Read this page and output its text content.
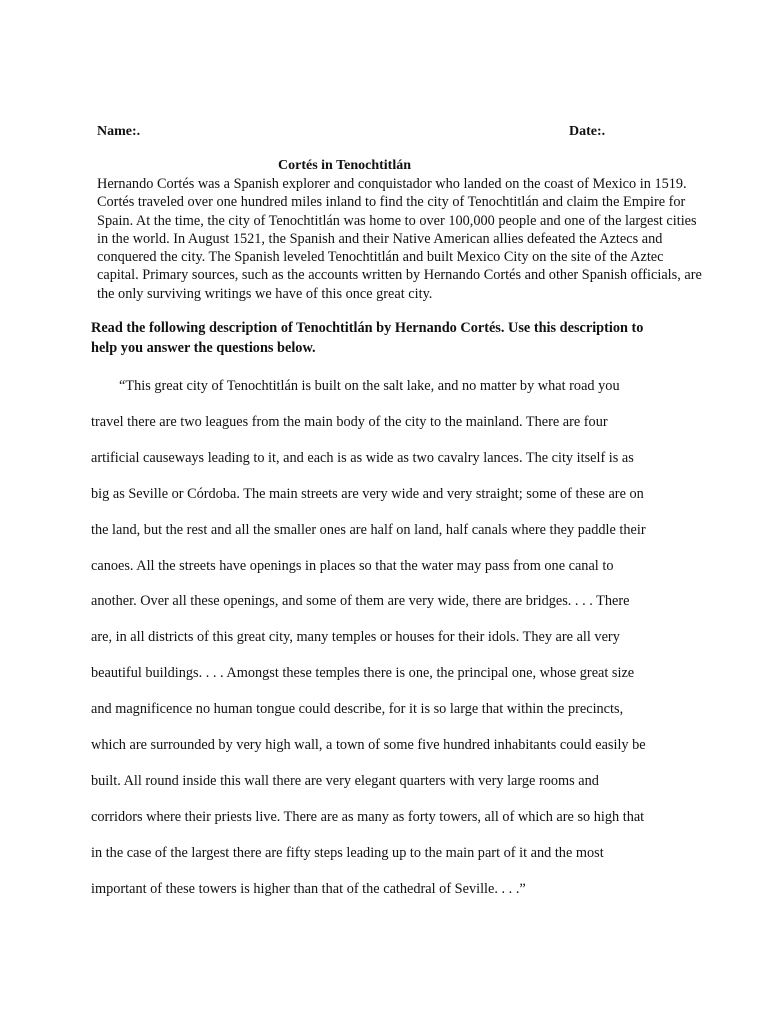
Name:.	Date:.
Cortés in Tenochtitlán
Hernando Cortés was a Spanish explorer and conquistador who landed on the coast of Mexico in 1519.
Cortés traveled over one hundred miles inland to find the city of Tenochtitlán and claim the Empire for
Spain. At the time, the city of Tenochtitlán was home to over 100,000 people and one of the largest cities
in the world. In August 1521, the Spanish and their Native American allies defeated the Aztecs and
conquered the city. The Spanish leveled Tenochtitlán and built Mexico City on the site of the Aztec
capital. Primary sources, such as the accounts written by Hernando Cortés and other Spanish officials, are
the only surviving writings we have of this once great city.
Read the following description of Tenochtitlán by Hernando Cortés. Use this description to
help you answer the questions below.
“This great city of Tenochtitlán is built on the salt lake, and no matter by what road you
travel there are two leagues from the main body of the city to the mainland. There are four
artificial causeways leading to it, and each is as wide as two cavalry lances. The city itself is as
big as Seville or Córdoba. The main streets are very wide and very straight; some of these are on
the land, but the rest and all the smaller ones are half on land, half canals where they paddle their
canoes. All the streets have openings in places so that the water may pass from one canal to
another. Over all these openings, and some of them are very wide, there are bridges. . . . There
are, in all districts of this great city, many temples or houses for their idols. They are all very
beautiful buildings. . . . Amongst these temples there is one, the principal one, whose great size
and magnificence no human tongue could describe, for it is so large that within the precincts,
which are surrounded by very high wall, a town of some five hundred inhabitants could easily be
built. All round inside this wall there are very elegant quarters with very large rooms and
corridors where their priests live. There are as many as forty towers, all of which are so high that
in the case of the largest there are fifty steps leading up to the main part of it and the most
important of these towers is higher than that of the cathedral of Seville. . . .”
